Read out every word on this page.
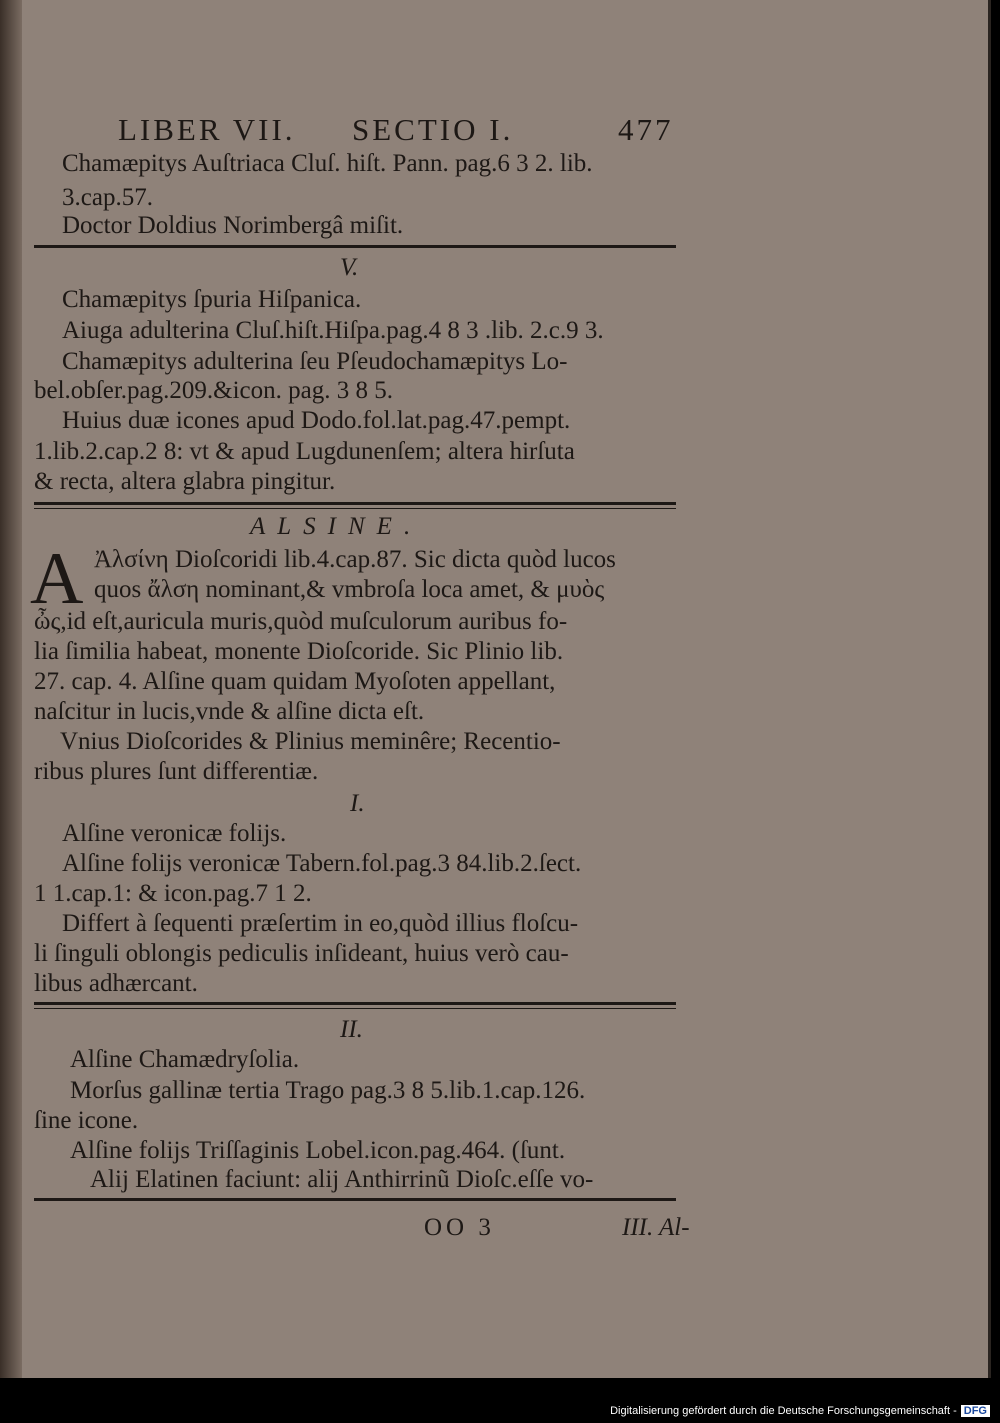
LIBER VII. SECTIO I.	477
Chamæpitys Auſtriaca Cluſ. hiſt. Pann. pag.6 3 2. lib.
3.cap.57.
Doctor Doldius Norimbergâ miſit.
V.
Chamæpitys ſpuria Hiſpanica.
Aiuga adulterina Cluſ.hiſt.Hiſpa.pag.4 8 3 .lib. 2.c.9 3.
Chamæpitys adulterina ſeu Pſeudochamæpitys Lo-
bel.obſer.pag.209.&icon. pag. 3 8 5.
Huius duæ icones apud Dodo.fol.lat.pag.47.pempt.
1.lib.2.cap.2 8: vt & apud Lugdunenſem; altera hirſuta
& recta, altera glabra pingitur.
ALSINE.
A Ἀλσίνη Dioſcoridi lib.4.cap.87. Sic dicta quòd lucos
quos ἄλση nominant,& vmbroſa loca amet, & μυὸς
ὦς,id eſt,auricula muris,quòd muſculorum auribus fo-
lia ſimilia habeat, monente Dioſcoride. Sic Plinio lib.
27. cap. 4. Alſine quam quidam Myoſoten appellant,
naſcitur in lucis,vnde & alſine dicta eſt.
Vnius Dioſcorides & Plinius meminêre; Recentio-
ribus plures ſunt differentiæ.
I.
Alſine veronicæ folijs.
Alſine folijs veronicæ Tabern.fol.pag.3 84.lib.2.ſect.
1 1.cap.1: & icon.pag.7 1 2.
Differt à ſequenti præſertim in eo,quòd illius floſcu-
li ſinguli oblongis pediculis inſideant, huius verò cau-
libus adhærcant.
II.
Alſine Chamædryſolia.
Morſus gallinæ tertia Trago pag.3 8 5.lib.1.cap.126.
ſine icone.
Alſine folijs Triſſaginis Lobel.icon.pag.464. (ſunt.
Alij Elatinen faciunt: alij Anthirrinũ Dioſc.eſſe vo-
OO 3	III. Al-
Digitalisierung gefördert durch die Deutsche Forschungsgemeinschaft - DFG
